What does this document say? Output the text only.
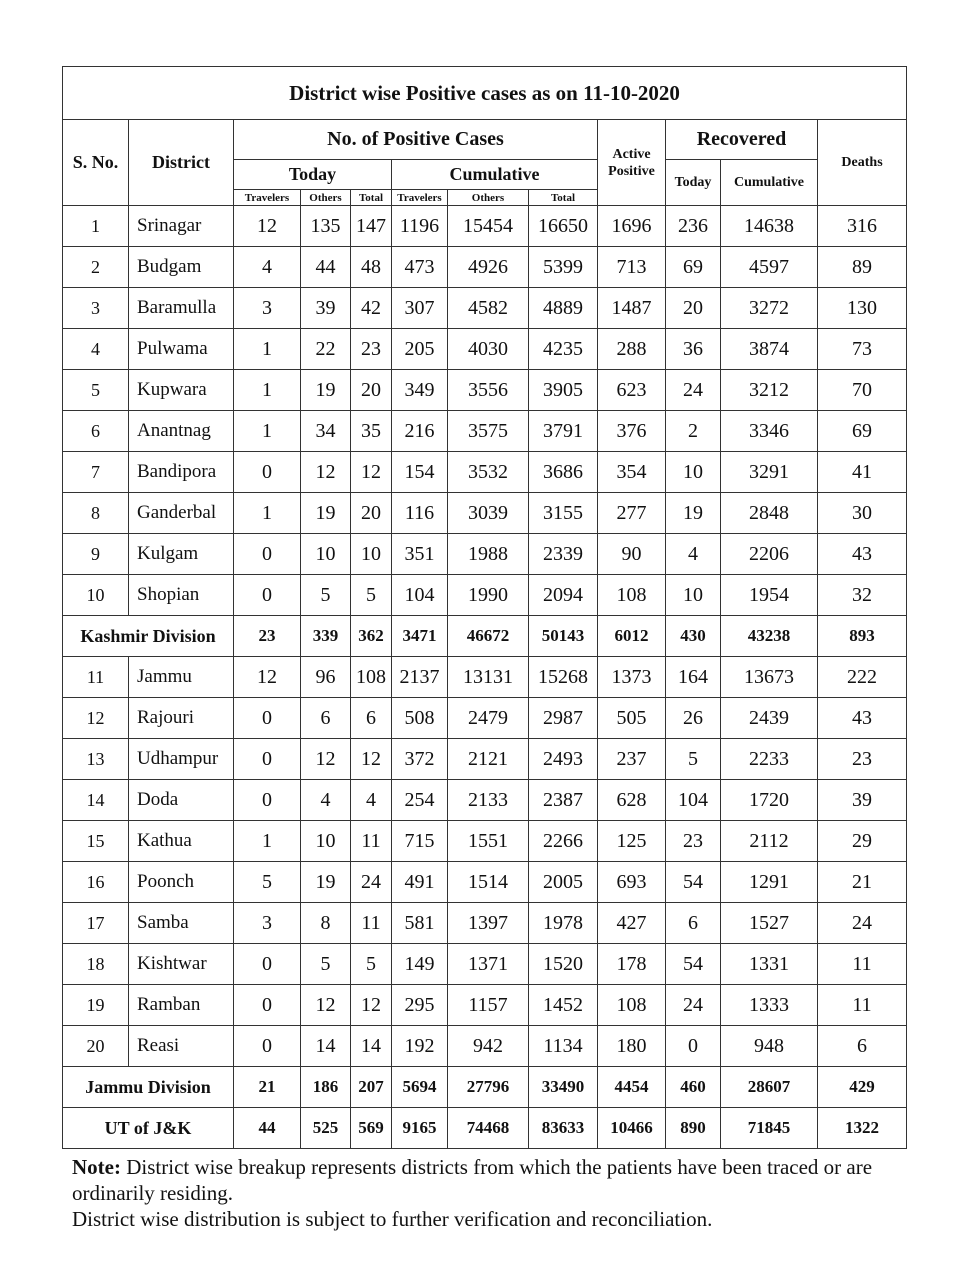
District wise Positive cases as on 11-10-2020											
S. No.	District	No. of Positive Cases						Active Positive	Recovered		Deaths
		Today			Cumulative				Today	Cumulative	
		Travelers	Others	Total	Travelers	Others	Total				
1	Srinagar	12	135	147	1196	15454	16650	1696	236	14638	316
2	Budgam	4	44	48	473	4926	5399	713	69	4597	89
3	Baramulla	3	39	42	307	4582	4889	1487	20	3272	130
4	Pulwama	1	22	23	205	4030	4235	288	36	3874	73
5	Kupwara	1	19	20	349	3556	3905	623	24	3212	70
6	Anantnag	1	34	35	216	3575	3791	376	2	3346	69
7	Bandipora	0	12	12	154	3532	3686	354	10	3291	41
8	Ganderbal	1	19	20	116	3039	3155	277	19	2848	30
9	Kulgam	0	10	10	351	1988	2339	90	4	2206	43
10	Shopian	0	5	5	104	1990	2094	108	10	1954	32
Kashmir Division		23	339	362	3471	46672	50143	6012	430	43238	893
11	Jammu	12	96	108	2137	13131	15268	1373	164	13673	222
12	Rajouri	0	6	6	508	2479	2987	505	26	2439	43
13	Udhampur	0	12	12	372	2121	2493	237	5	2233	23
14	Doda	0	4	4	254	2133	2387	628	104	1720	39
15	Kathua	1	10	11	715	1551	2266	125	23	2112	29
16	Poonch	5	19	24	491	1514	2005	693	54	1291	21
17	Samba	3	8	11	581	1397	1978	427	6	1527	24
18	Kishtwar	0	5	5	149	1371	1520	178	54	1331	11
19	Ramban	0	12	12	295	1157	1452	108	24	1333	11
20	Reasi	0	14	14	192	942	1134	180	0	948	6
Jammu Division		21	186	207	5694	27796	33490	4454	460	28607	429
UT of J&K		44	525	569	9165	74468	83633	10466	890	71845	1322
Note: District wise breakup represents districts from which the patients have been traced or are ordinarily residing.
District wise distribution is subject to further verification and reconciliation.
